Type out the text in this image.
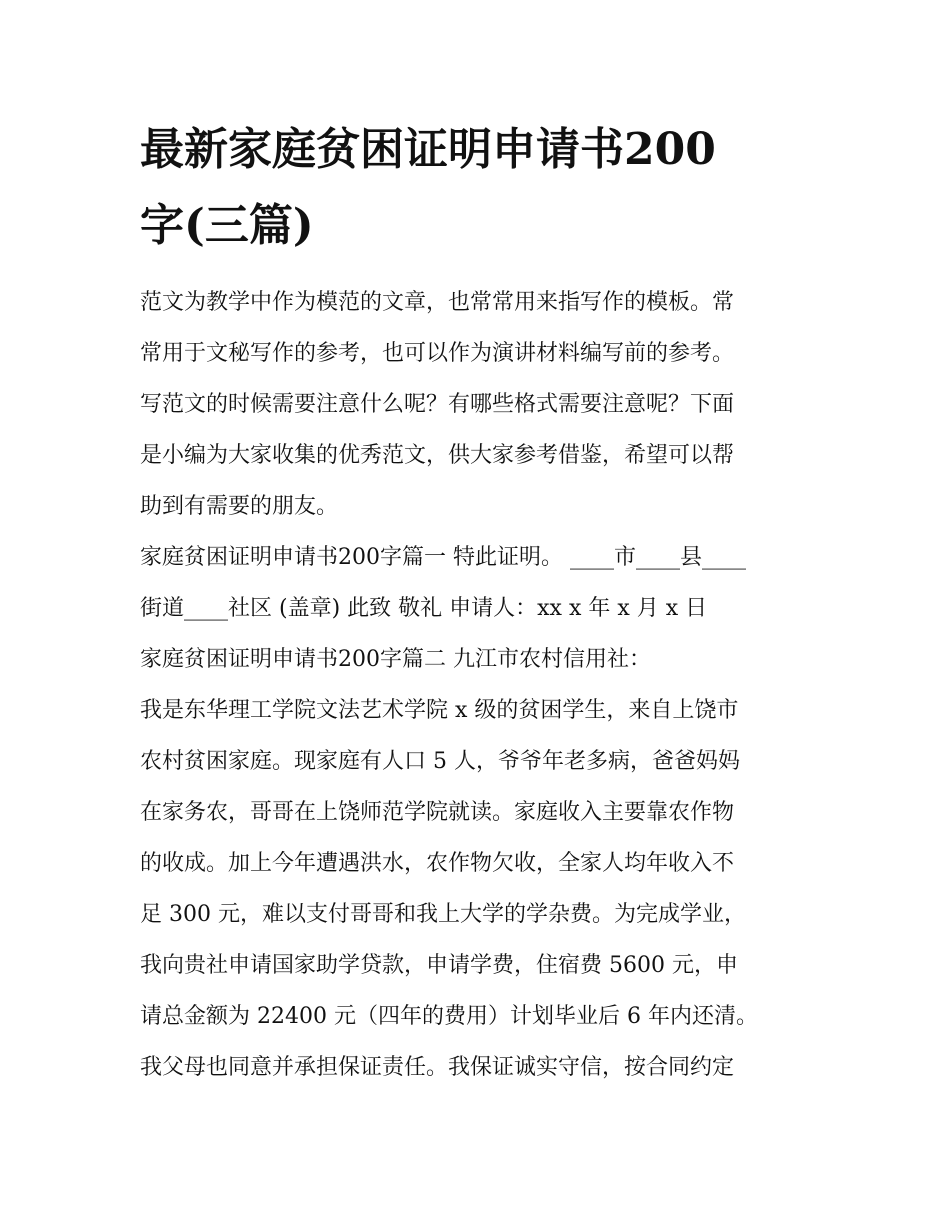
最新家庭贫困证明申请书200
字(三篇)
范文为教学中作为模范的文章，也常常用来指写作的模板。常
常用于文秘写作的参考，也可以作为演讲材料编写前的参考。
写范文的时候需要注意什么呢？有哪些格式需要注意呢？下面
是小编为大家收集的优秀范文，供大家参考借鉴，希望可以帮
助到有需要的朋友。
家庭贫困证明申请书200字篇一 特此证明。 ____市____县____
街道____社区 (盖章) 此致 敬礼 申请人：xx x 年 x 月 x 日
家庭贫困证明申请书200字篇二 九江市农村信用社：
我是东华理工学院文法艺术学院 x 级的贫困学生，来自上饶市
农村贫困家庭。现家庭有人口 5 人，爷爷年老多病，爸爸妈妈
在家务农，哥哥在上饶师范学院就读。家庭收入主要靠农作物
的收成。加上今年遭遇洪水，农作物欠收，全家人均年收入不
足 300 元，难以支付哥哥和我上大学的学杂费。为完成学业，
我向贵社申请国家助学贷款，申请学费，住宿费 5600 元，申
请总金额为 22400 元（四年的费用）计划毕业后 6 年内还清。
我父母也同意并承担保证责任。我保证诚实守信，按合同约定
